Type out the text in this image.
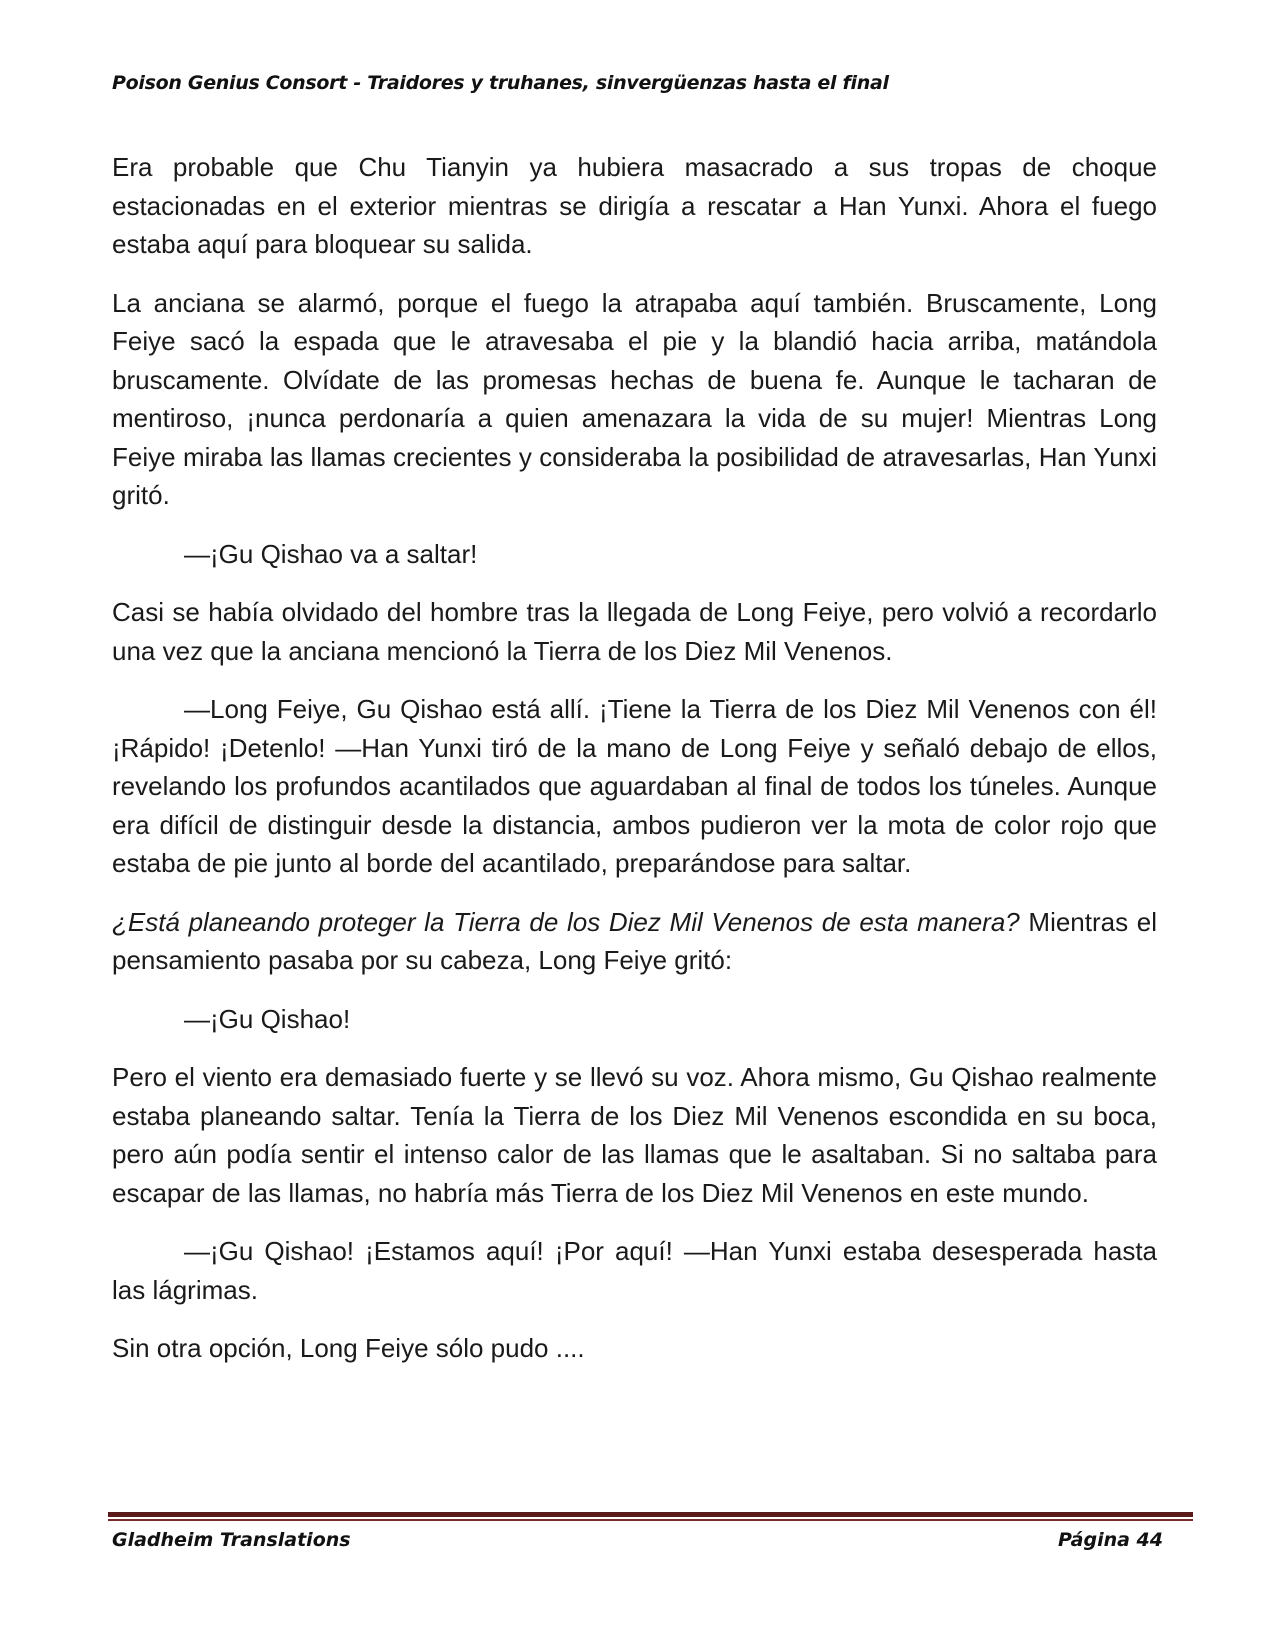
Poison Genius Consort - Traidores y truhanes, sinvergüenzas hasta el final

Era probable que Chu Tianyin ya hubiera masacrado a sus tropas de choque estacionadas en el exterior mientras se dirigía a rescatar a Han Yunxi. Ahora el fuego estaba aquí para bloquear su salida.

La anciana se alarmó, porque el fuego la atrapaba aquí también. Bruscamente, Long Feiye sacó la espada que le atravesaba el pie y la blandió hacia arriba, matándola bruscamente. Olvídate de las promesas hechas de buena fe. Aunque le tacharan de mentiroso, ¡nunca perdonaría a quien amenazara la vida de su mujer! Mientras Long Feiye miraba las llamas crecientes y consideraba la posibilidad de atravesarlas, Han Yunxi gritó.

—¡Gu Qishao va a saltar!

Casi se había olvidado del hombre tras la llegada de Long Feiye, pero volvió a recordarlo una vez que la anciana mencionó la Tierra de los Diez Mil Venenos.

—Long Feiye, Gu Qishao está allí. ¡Tiene la Tierra de los Diez Mil Venenos con él! ¡Rápido! ¡Detenlo! —Han Yunxi tiró de la mano de Long Feiye y señaló debajo de ellos, revelando los profundos acantilados que aguardaban al final de todos los túneles. Aunque era difícil de distinguir desde la distancia, ambos pudieron ver la mota de color rojo que estaba de pie junto al borde del acantilado, preparándose para saltar.

¿Está planeando proteger la Tierra de los Diez Mil Venenos de esta manera? Mientras el pensamiento pasaba por su cabeza, Long Feiye gritó:

—¡Gu Qishao!

Pero el viento era demasiado fuerte y se llevó su voz. Ahora mismo, Gu Qishao realmente estaba planeando saltar. Tenía la Tierra de los Diez Mil Venenos escondida en su boca, pero aún podía sentir el intenso calor de las llamas que le asaltaban. Si no saltaba para escapar de las llamas, no habría más Tierra de los Diez Mil Venenos en este mundo.

—¡Gu Qishao! ¡Estamos aquí! ¡Por aquí! —Han Yunxi estaba desesperada hasta las lágrimas.

Sin otra opción, Long Feiye sólo pudo ....

Gladheim Translations	Página 44
